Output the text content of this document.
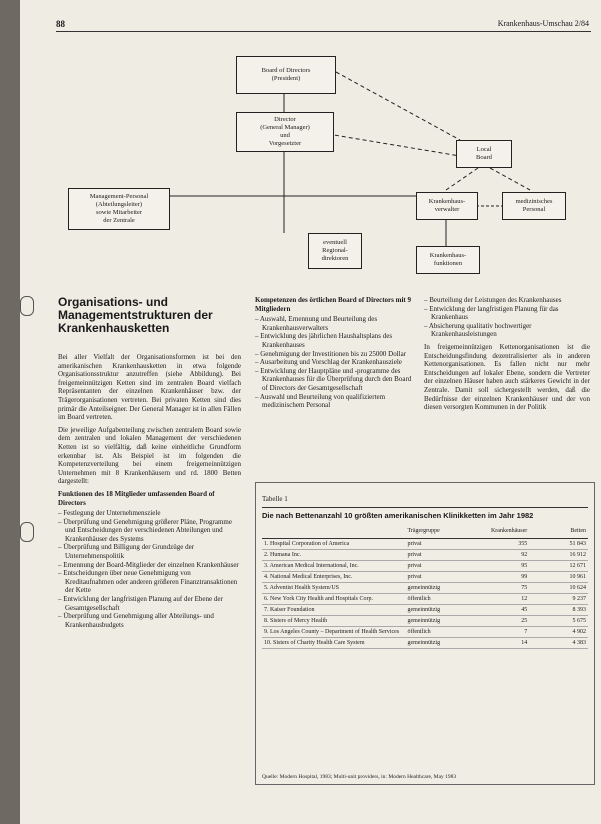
88	Krankenhaus-Umschau 2/84
Board of Directors (President)
Director
(General Manager)
und
Vorgesetzter
Local
Board
Management-Personal
(Abteilungsleiter)
sowie Mitarbeiter
der Zentrale
Krankenhaus-
verwalter
medizinisches
Personal
eventuell
Regional-
direktoren	Krankenhaus-
funktionen
Organisations- und Managementstrukturen der Krankenhausketten

Bei aller Vielfalt der Organisationsformen ist bei den amerikanischen Krankenhausketten in etwa folgende Organisationsstruktur anzutreffen (siehe Abbildung). Bei freigemeinnützigen Ketten sind im zentralen Board vielfach Repräsentanten der einzelnen Krankenhäuser bzw. der Trägerorganisationen vertreten. Bei privaten Ketten sind dies primär die Anteilseigner. Der General Manager ist in allen Fällen im Board vertreten.

Die jeweilige Aufgabenteilung zwischen zentralem Board sowie dem zentralen und lokalen Management der verschiedenen Ketten ist so vielfältig, daß keine einheitliche Grundform erkennbar ist. Als Beispiel ist im folgenden die Kompetenzverteilung bei einem freigemeinnützigen Unternehmen mit 8 Krankenhäusern und rd. 1800 Betten dargestellt:

Funktionen des 18 Mitglieder umfassenden Board of Directors
– Festlegung der Unternehmensziele
– Überprüfung und Genehmigung größerer Pläne, Programme und Entscheidungen der verschiedenen Abteilungen und Krankenhäuser des Systems
– Überprüfung und Billigung der Grundzüge der Unternehmenspolitik
– Ernennung der Board-Mitglieder der einzelnen Krankenhäuser
– Entscheidungen über neue Genehmigung von Kreditaufnahmen oder anderen größeren Finanztransaktionen der Kette
– Entwicklung der langfristigen Planung auf der Ebene der Gesamtgesellschaft
– Überprüfung und Genehmigung aller Abteilungs- und Krankenhausbudgets
Kompetenzen des örtlichen Board of Directors mit 9 Mitgliedern
– Auswahl, Ernennung und Beurteilung des Krankenhausverwalters
– Entwicklung des jährlichen Haushaltsplans des Krankenhauses
– Genehmigung der Investitionen bis zu 25000 Dollar
– Ausarbeitung und Vorschlag der Krankenhausziele
– Entwicklung der Hauptpläne und -programme des Krankenhauses für die Überprüfung durch den Board of Directors der Gesamtgesellschaft
– Auswahl und Beurteilung von qualifiziertem medizinischem Personal
– Beurteilung der Leistungen des Krankenhauses
– Entwicklung der langfristigen Planung für das Krankenhaus
– Absicherung qualitativ hochwertiger Krankenhausleistungen

In freigemeinnützigen Kettenorganisationen ist die Entscheidungsfindung dezentralisierter als in anderen Kettenorganisationen. Es fallen nicht nur mehr Entscheidungen auf lokaler Ebene, sondern die Vertreter der einzelnen Häuser haben auch stärkeres Gewicht in der Zentrale. Damit soll sichergestellt werden, daß die Bedürfnisse der einzelnen Krankenhäuser und der von diesen versorgten Kommunen in der Politik

Tabelle 1
Die nach Bettenanzahl 10 größten amerikanischen Klinikketten im Jahr 1982
	Trägergruppe	Krankenhäuser	Betten
1. Hospital Corporation of America	privat	355	51 843
2. Humana Inc.	privat	92	16 912
3. American Medical International, Inc.	privat	95	12 671
4. National Medical Enterprises, Inc.	privat	99	10 961
5. Adventist Health System/US	gemeinnützig	75	10 624
6. New York City Health and Hospitals Corp.	öffentlich	12	9 237
7. Kaiser Foundation	gemeinnützig	45	8 393
8. Sisters of Mercy Health	gemeinnützig	25	5 675
9. Los Angeles County – Department of Health Services	öffentlich	7	4 902
10. Sisters of Charity Health Care System	gemeinnützig	14	4 383
Quelle: Modern Hospital, 1983; Multi-unit providers, in: Modern Healthcare, May 1983
